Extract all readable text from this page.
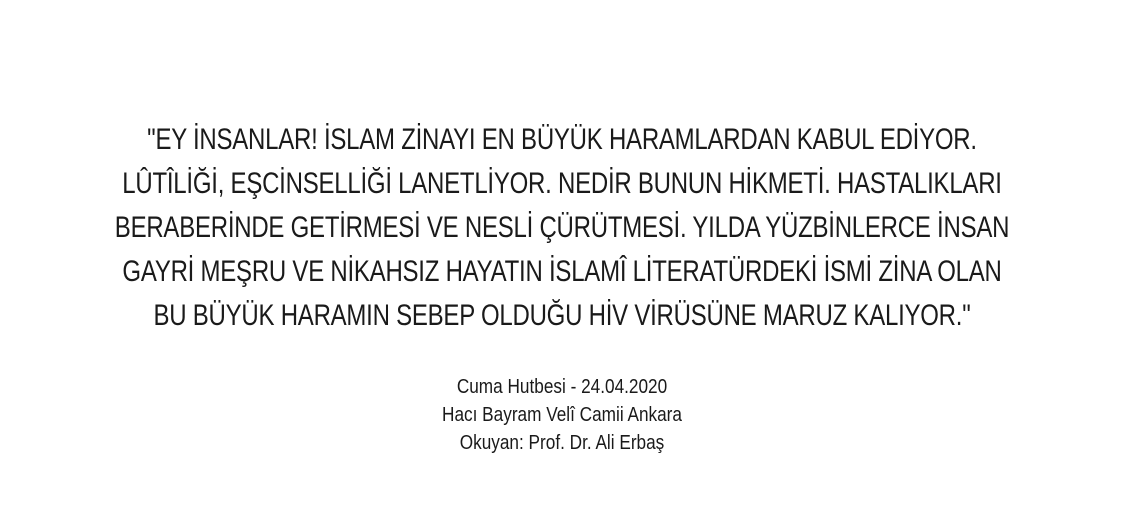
"EY İNSANLAR! İSLAM ZİNAYI EN BÜYÜK HARAMLARDAN KABUL EDİYOR.
LÛTÎLİĞİ, EŞCİNSELLİĞİ LANETLİYOR. NEDİR BUNUN HİKMETİ. HASTALIKLARI
BERABERİNDE GETİRMESİ VE NESLİ ÇÜRÜTMESİ. YILDA YÜZBİNLERCE İNSAN
GAYRİ MEŞRU VE NİKAHSIZ HAYATIN İSLAMÎ LİTERATÜRDEKİ İSMİ ZİNA OLAN
BU BÜYÜK HARAMIN SEBEP OLDUĞU HİV VİRÜSÜNE MARUZ KALIYOR."
Cuma Hutbesi - 24.04.2020
Hacı Bayram Velî Camii Ankara
Okuyan: Prof. Dr. Ali Erbaş
